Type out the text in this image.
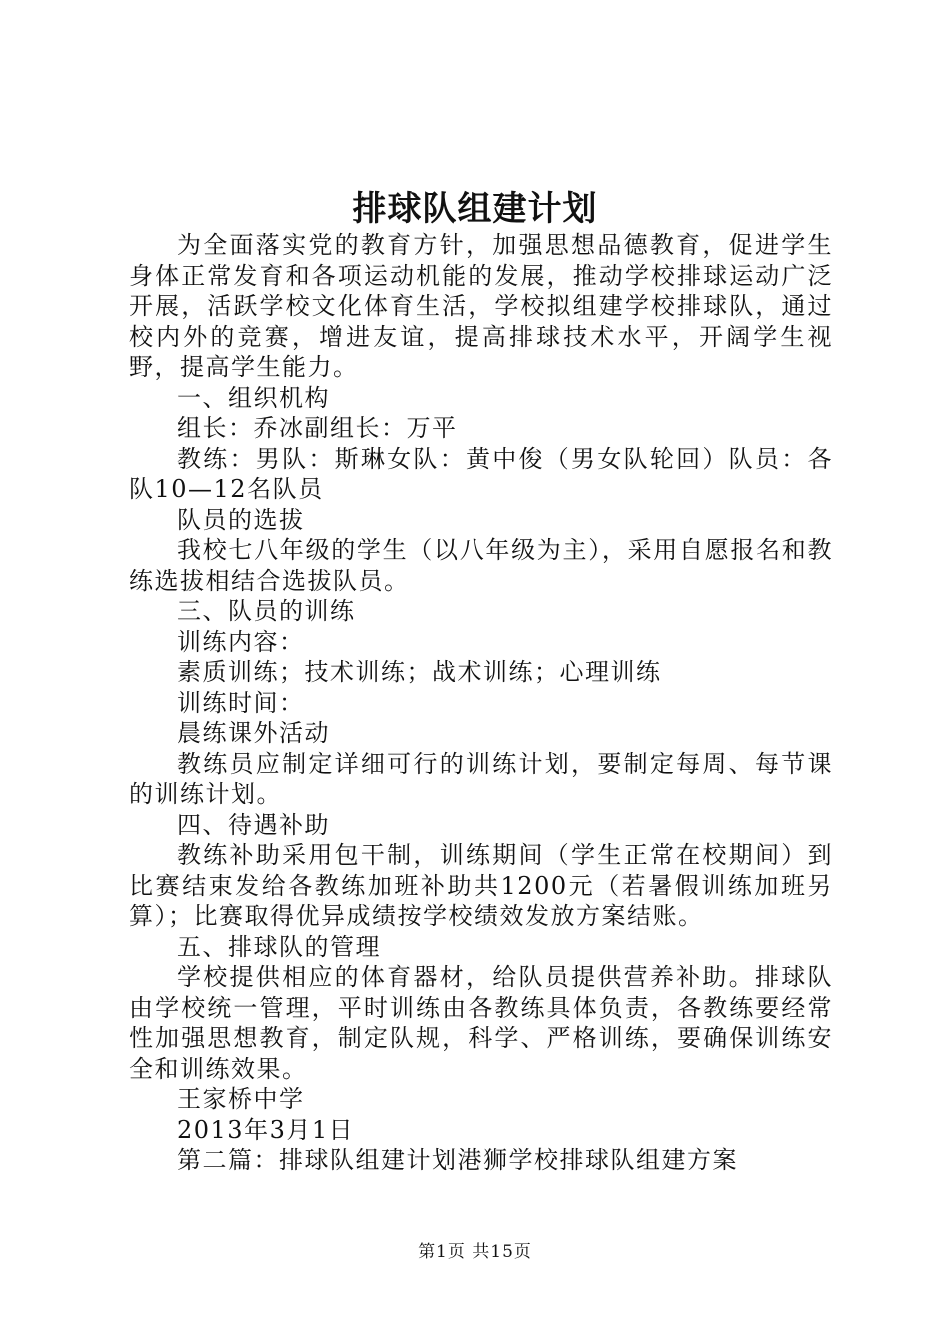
排球队组建计划

为全面落实党的教育方针，加强思想品德教育，促进学生身体正常发育和各项运动机能的发展，推动学校排球运动广泛开展，活跃学校文化体育生活，学校拟组建学校排球队，通过校内外的竞赛，增进友谊，提高排球技术水平，开阔学生视野，提高学生能力。

一、组织机构

组长：乔冰副组长：万平

教练：男队：斯琳女队：黄中俊（男女队轮回）队员：各队10—12名队员

队员的选拔

我校七八年级的学生（以八年级为主），采用自愿报名和教练选拔相结合选拔队员。

三、队员的训练

训练内容：

素质训练；技术训练；战术训练；心理训练

训练时间：

晨练课外活动

教练员应制定详细可行的训练计划，要制定每周、每节课的训练计划。

四、待遇补助

教练补助采用包干制，训练期间（学生正常在校期间）到比赛结束发给各教练加班补助共1200元（若暑假训练加班另算）；比赛取得优异成绩按学校绩效发放方案结账。

五、排球队的管理

学校提供相应的体育器材，给队员提供营养补助。排球队由学校统一管理，平时训练由各教练具体负责，各教练要经常性加强思想教育，制定队规，科学、严格训练，要确保训练安全和训练效果。

王家桥中学

2013年3月1日

第二篇：排球队组建计划港狮学校排球队组建方案

第1页 共15页
